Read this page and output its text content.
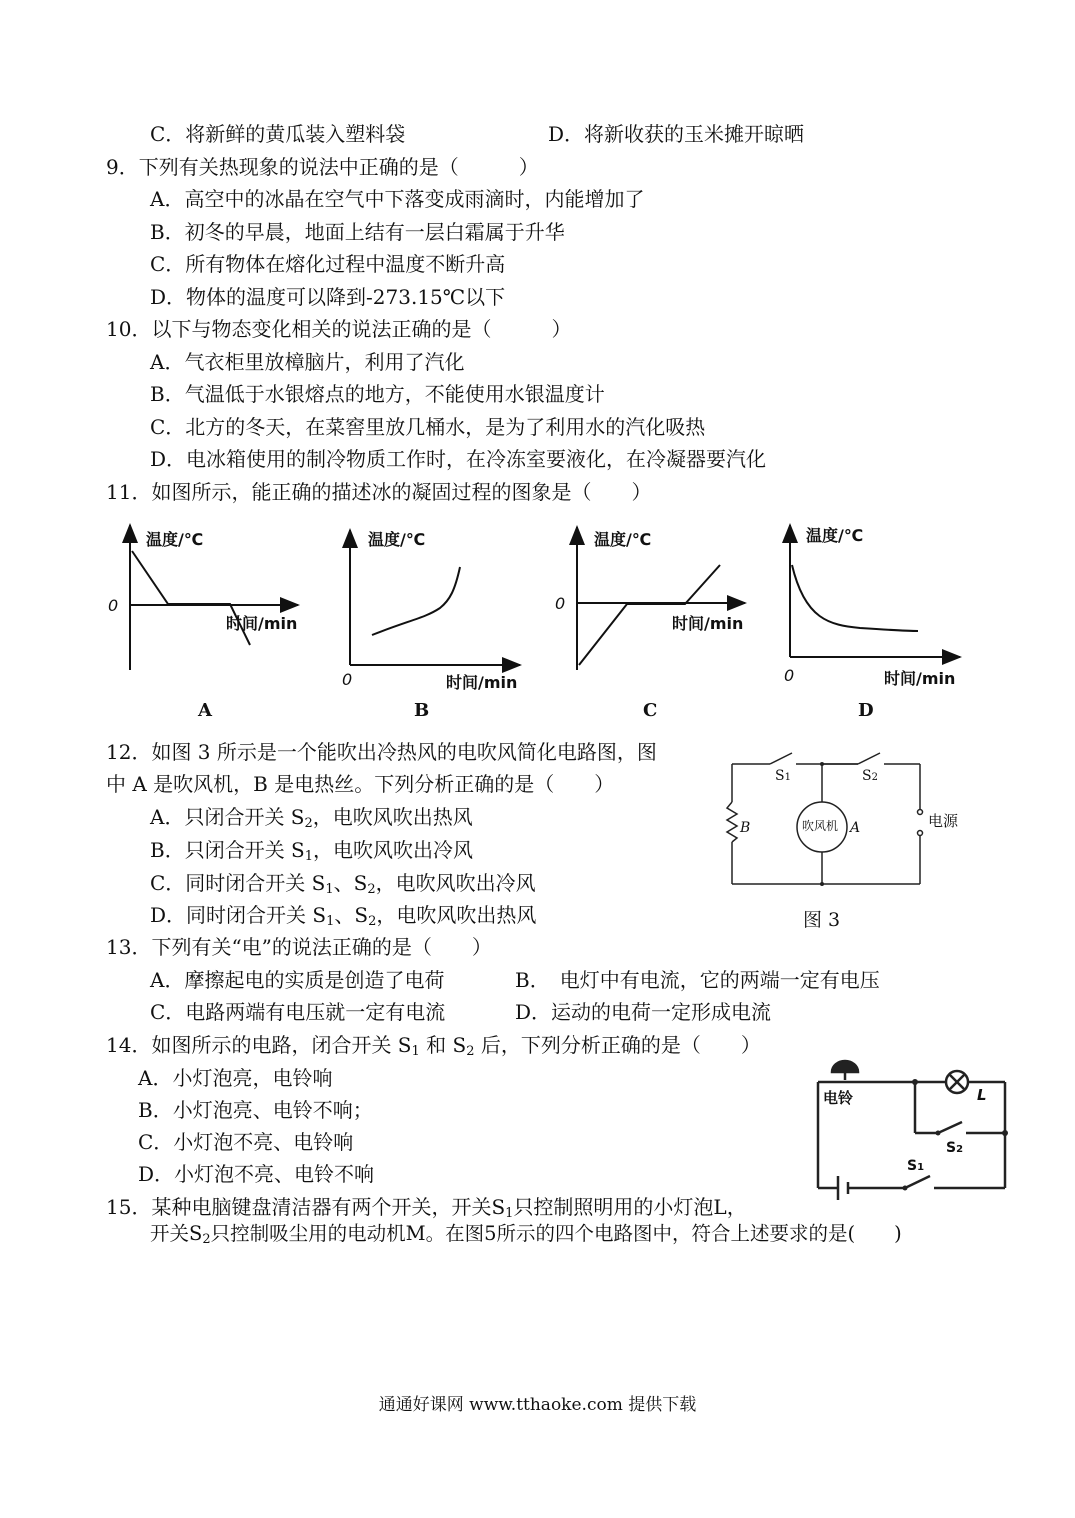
C．将新鲜的黄瓜装入塑料袋	D．将新收获的玉米摊开晾晒
9．下列有关热现象的说法中正确的是（　　　）
A．高空中的冰晶在空气中下落变成雨滴时，内能增加了
B．初冬的早晨，地面上结有一层白霜属于升华
C．所有物体在熔化过程中温度不断升高
D．物体的温度可以降到-273.15℃以下
10．以下与物态变化相关的说法正确的是（　　　）
A．气衣柜里放樟脑片，利用了汽化
B．气温低于水银熔点的地方，不能使用水银温度计
C．北方的冬天，在菜窖里放几桶水，是为了利用水的汽化吸热
D．电冰箱使用的制冷物质工作时，在冷冻室要液化，在冷凝器要汽化
11．如图所示，能正确的描述冰的凝固过程的图象是（　　）
温度/℃
0
时间/min
A
温度/℃
0	时间/min
B
温度/℃
0
时间/min
C
温度/℃
0	时间/min
D
12．如图 3 所示是一个能吹出冷热风的电吹风简化电路图，图
中 A 是吹风机，B 是电热丝。下列分析正确的是（　　）
A．只闭合开关 $S_2$，电吹风吹出热风
B．只闭合开关 $S_1$，电吹风吹出冷风
C．同时闭合开关 $S_1$、$S_2$，电吹风吹出冷风
D．同时闭合开关 $S_1$、$S_2$，电吹风吹出热风
S1	S2
B	吹风机 A	电源
图 3
13．下列有关“电”的说法正确的是（　　）
A．摩擦起电的实质是创造了电荷	B．　电灯中有电流，它的两端一定有电压
C．电路两端有电压就一定有电流	D．运动的电荷一定形成电流
14．如图所示的电路，闭合开关 $S_1$ 和 $S_2$ 后，下列分析正确的是（　　）
A．小灯泡亮，电铃响
B．小灯泡亮、电铃不响；
C．小灯泡不亮、电铃响
D．小灯泡不亮、电铃不响
电铃	L
S2
S1
15．某种电脑键盘清洁器有两个开关，开关$S_1$只控制照明用的小灯泡L，
开关$S_2$只控制吸尘用的电动机M。在图5所示的四个电路图中，符合上述要求的是(　　)
通通好课网 www.tthaoke.com 提供下载
